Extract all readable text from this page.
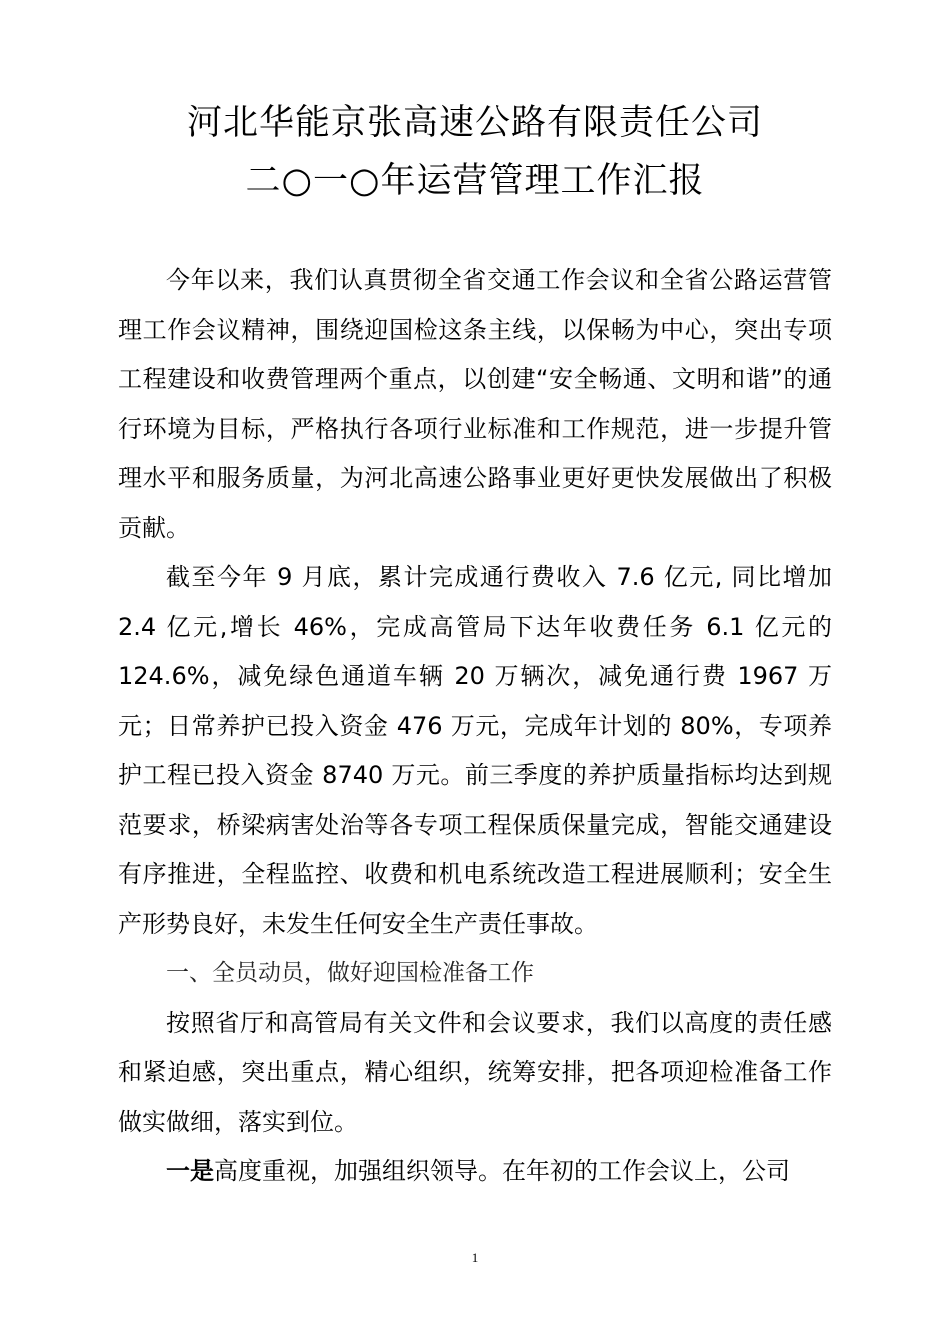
河北华能京张高速公路有限责任公司
二○一○年运营管理工作汇报

今年以来，我们认真贯彻全省交通工作会议和全省公路运营管理工作会议精神，围绕迎国检这条主线，以保畅为中心，突出专项工程建设和收费管理两个重点，以创建“安全畅通、文明和谐”的通行环境为目标，严格执行各项行业标准和工作规范，进一步提升管理水平和服务质量，为河北高速公路事业更好更快发展做出了积极贡献。

截至今年 9 月底，累计完成通行费收入 7.6 亿元, 同比增加 2.4 亿元,增长 46%，完成高管局下达年收费任务 6.1 亿元的 124.6%，减免绿色通道车辆 20 万辆次，减免通行费 1967 万元；日常养护已投入资金 476 万元，完成年计划的 80%，专项养护工程已投入资金 8740 万元。前三季度的养护质量指标均达到规范要求，桥梁病害处治等各专项工程保质保量完成，智能交通建设有序推进，全程监控、收费和机电系统改造工程进展顺利；安全生产形势良好，未发生任何安全生产责任事故。

一、全员动员，做好迎国检准备工作

按照省厅和高管局有关文件和会议要求，我们以高度的责任感和紧迫感，突出重点，精心组织，统筹安排，把各项迎检准备工作做实做细，落实到位。

一是高度重视，加强组织领导。在年初的工作会议上，公司

1
